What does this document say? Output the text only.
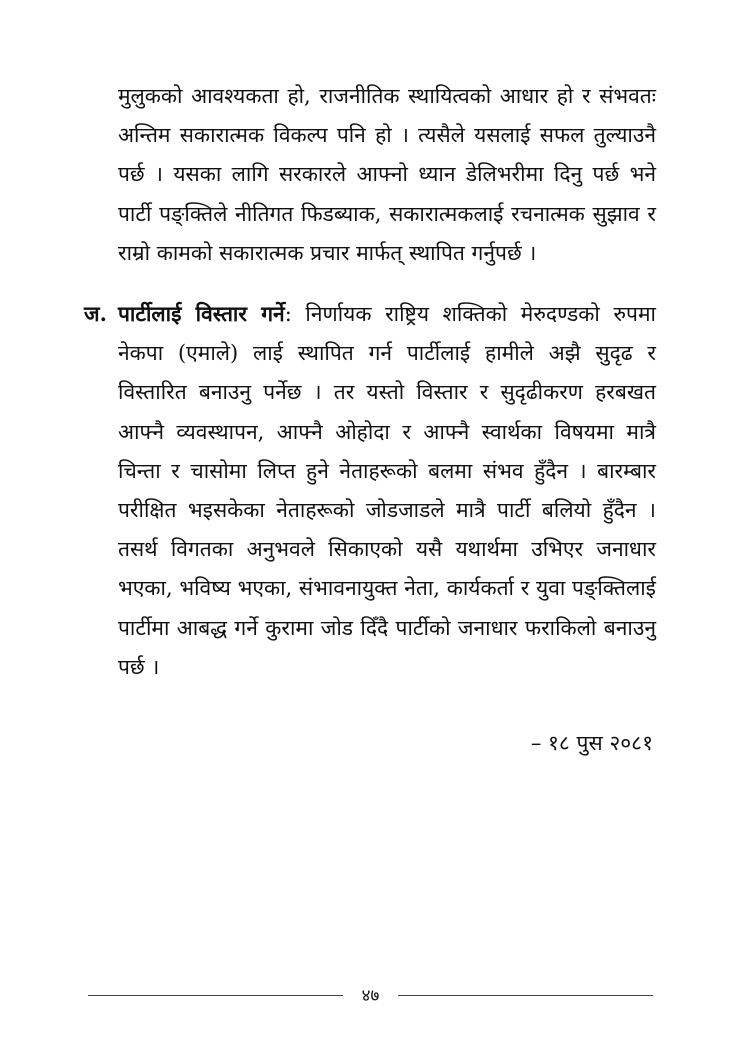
मुलुकको आवश्यकता हो, राजनीतिक स्थायित्वको आधार हो र संभवतः अन्तिम सकारात्मक विकल्प पनि हो । त्यसैले यसलाई सफल तुल्याउनै पर्छ । यसका लागि सरकारले आफ्नो ध्यान डेलिभरीमा दिनु पर्छ भने पार्टी पङ्क्तिले नीतिगत फिडब्याक, सकारात्मकलाई रचनात्मक सुझाव र राम्रो कामको सकारात्मक प्रचार मार्फत् स्थापित गर्नुपर्छ ।

ज. पार्टीलाई विस्तार गर्ने: निर्णायक राष्ट्रिय शक्तिको मेरुदण्डको रुपमा नेकपा (एमाले) लाई स्थापित गर्न पार्टीलाई हामीले अझै सुदृढ र विस्तारित बनाउनु पर्नेछ । तर यस्तो विस्तार र सुदृढीकरण हरबखत आफ्नै व्यवस्थापन, आफ्नै ओहोदा र आफ्नै स्वार्थका विषयमा मात्रै चिन्ता र चासोमा लिप्त हुने नेताहरूको बलमा संभव हुँदैन । बारम्बार परीक्षित भइसकेका नेताहरूको जोडजाडले मात्रै पार्टी बलियो हुँदैन । तसर्थ विगतका अनुभवले सिकाएको यसै यथार्थमा उभिएर जनाधार भएका, भविष्य भएका, संभावनायुक्त नेता, कार्यकर्ता र युवा पङ्क्तिलाई पार्टीमा आबद्ध गर्ने कुरामा जोड दिँदै पार्टीको जनाधार फराकिलो बनाउनु पर्छ ।

– १८ पुस २०८१
४७
